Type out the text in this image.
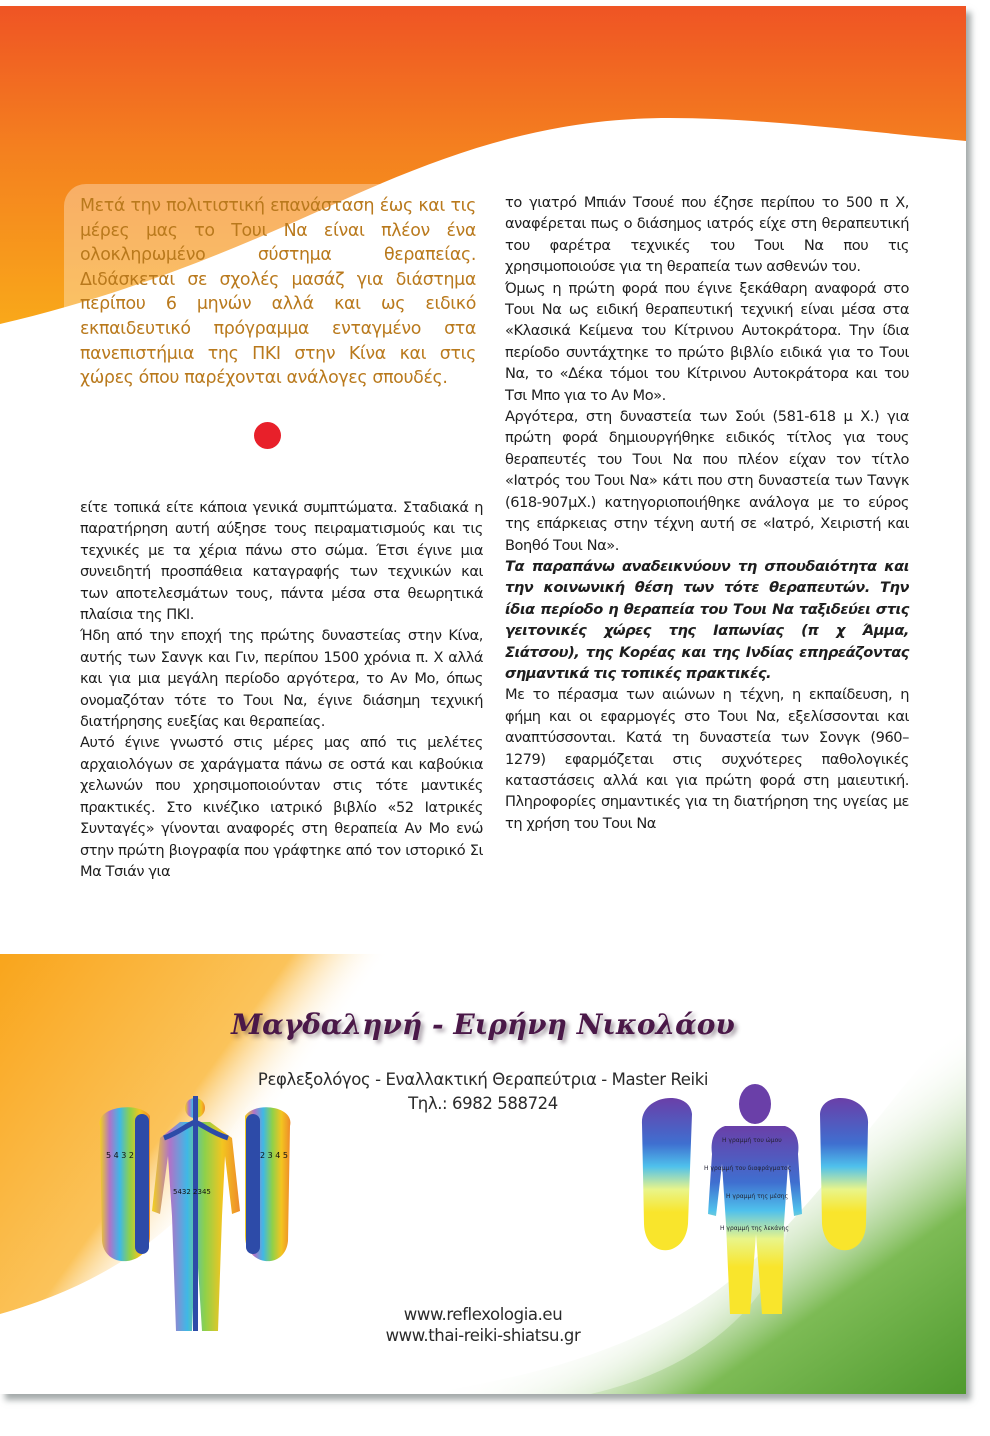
Μετά την πολιτιστική επανάσταση έως και τις μέρες μας το Τουι Να είναι πλέον ένα ολοκληρωμένο σύστημα θεραπείας. Διδάσκεται σε σχολές μασάζ για διάστημα περίπου 6 μηνών αλλά και ως ειδικό εκπαιδευτικό πρόγραμμα ενταγμένο στα πανεπιστήμια της ΠΚΙ στην Κίνα και στις χώρες όπου παρέχονται ανάλογες σπουδές.

είτε τοπικά είτε κάποια γενικά συμπτώματα. Σταδιακά η παρατήρηση αυτή αύξησε τους πειραματισμούς και τις τεχνικές με τα χέρια πάνω στο σώμα. Έτσι έγινε μια συνειδητή προσπάθεια καταγραφής των τεχνικών και των αποτελεσμάτων τους, πάντα μέσα στα θεωρητικά πλαίσια της ΠΚΙ.

Ήδη από την εποχή της πρώτης δυναστείας στην Κίνα, αυτής των Σανγκ και Γιν, περίπου 1500 χρόνια π. Χ αλλά και για μια μεγάλη περίοδο αργότερα, το Αν Μο, όπως ονομαζόταν τότε το Τουι Να, έγινε διάσημη τεχνική διατήρησης ευεξίας και θεραπείας.

Αυτό έγινε γνωστό στις μέρες μας από τις μελέτες αρχαιολόγων σε χαράγματα πάνω σε οστά και καβούκια χελωνών που χρησιμοποιούνταν στις τότε μαντικές πρακτικές. Στο κινέζικο ιατρικό βιβλίο «52 Ιατρικές Συνταγές» γίνονται αναφορές στη θεραπεία Αν Μο ενώ στην πρώτη βιογραφία που γράφτηκε από τον ιστορικό Σι Μα Τσιάν για

το γιατρό Μπιάν Τσουέ που έζησε περίπου το 500 π Χ, αναφέρεται πως ο διάσημος ιατρός είχε στη θεραπευτική του φαρέτρα τεχνικές του Τουι Να που τις χρησιμοποιούσε για τη θεραπεία των ασθενών του.

Όμως η πρώτη φορά που έγινε ξεκάθαρη αναφορά στο Τουι Να ως ειδική θεραπευτική τεχνική είναι μέσα στα «Κλασικά Κείμενα του Κίτρινου Αυτοκράτορα. Την ίδια περίοδο συντάχτηκε το πρώτο βιβλίο ειδικά για το Τουι Να, το «Δέκα τόμοι του Κίτρινου Αυτοκράτορα και του Τσι Μπο για το Αν Μο».

Αργότερα, στη δυναστεία των Σούι (581-618 μ Χ.) για πρώτη φορά δημιουργήθηκε ειδικός τίτλος για τους θεραπευτές του Τουι Να που πλέον είχαν τον τίτλο «Ιατρός του Τουι Να» κάτι που στη δυναστεία των Τανγκ (618-907μΧ.) κατηγοριοποιήθηκε ανάλογα με το εύρος της επάρκειας στην τέχνη αυτή σε «Ιατρό, Χειριστή και Βοηθό Τουι Να».

Τα παραπάνω αναδεικνύουν τη σπουδαιότητα και την κοινωνική θέση των τότε θεραπευτών. Την ίδια περίοδο η θεραπεία του Τουι Να ταξιδεύει στις γειτονικές χώρες της Ιαπωνίας (π χ Άμμα, Σιάτσου), της Κορέας και της Ινδίας επηρεάζοντας σημαντικά τις τοπικές πρακτικές.

Με το πέρασμα των αιώνων η τέχνη, η εκπαίδευση, η φήμη και οι εφαρμογές στο Τουι Να, εξελίσσονται και αναπτύσσονται. Κατά τη δυναστεία των Σονγκ (960–1279) εφαρμόζεται στις συχνότερες παθολογικές καταστάσεις αλλά και για πρώτη φορά στη μαιευτική. Πληροφορίες σημαντικές για τη διατήρηση της υγείας με τη χρήση του Τουι Να

Μαγδαληνή - Ειρήνη Νικολάου
Ρεφλεξολόγος - Εναλλακτική Θεραπεύτρια - Master Reiki
Τηλ.: 6982 588724
5 4 3 2	2 3 4 5
5432 2345
Η γραμμή του ώμου
Η γραμμή του διαφράγματος
Η γραμμή της μέσης
Η γραμμή της λεκάνης
www.reflexologia.eu
www.thai-reiki-shiatsu.gr
